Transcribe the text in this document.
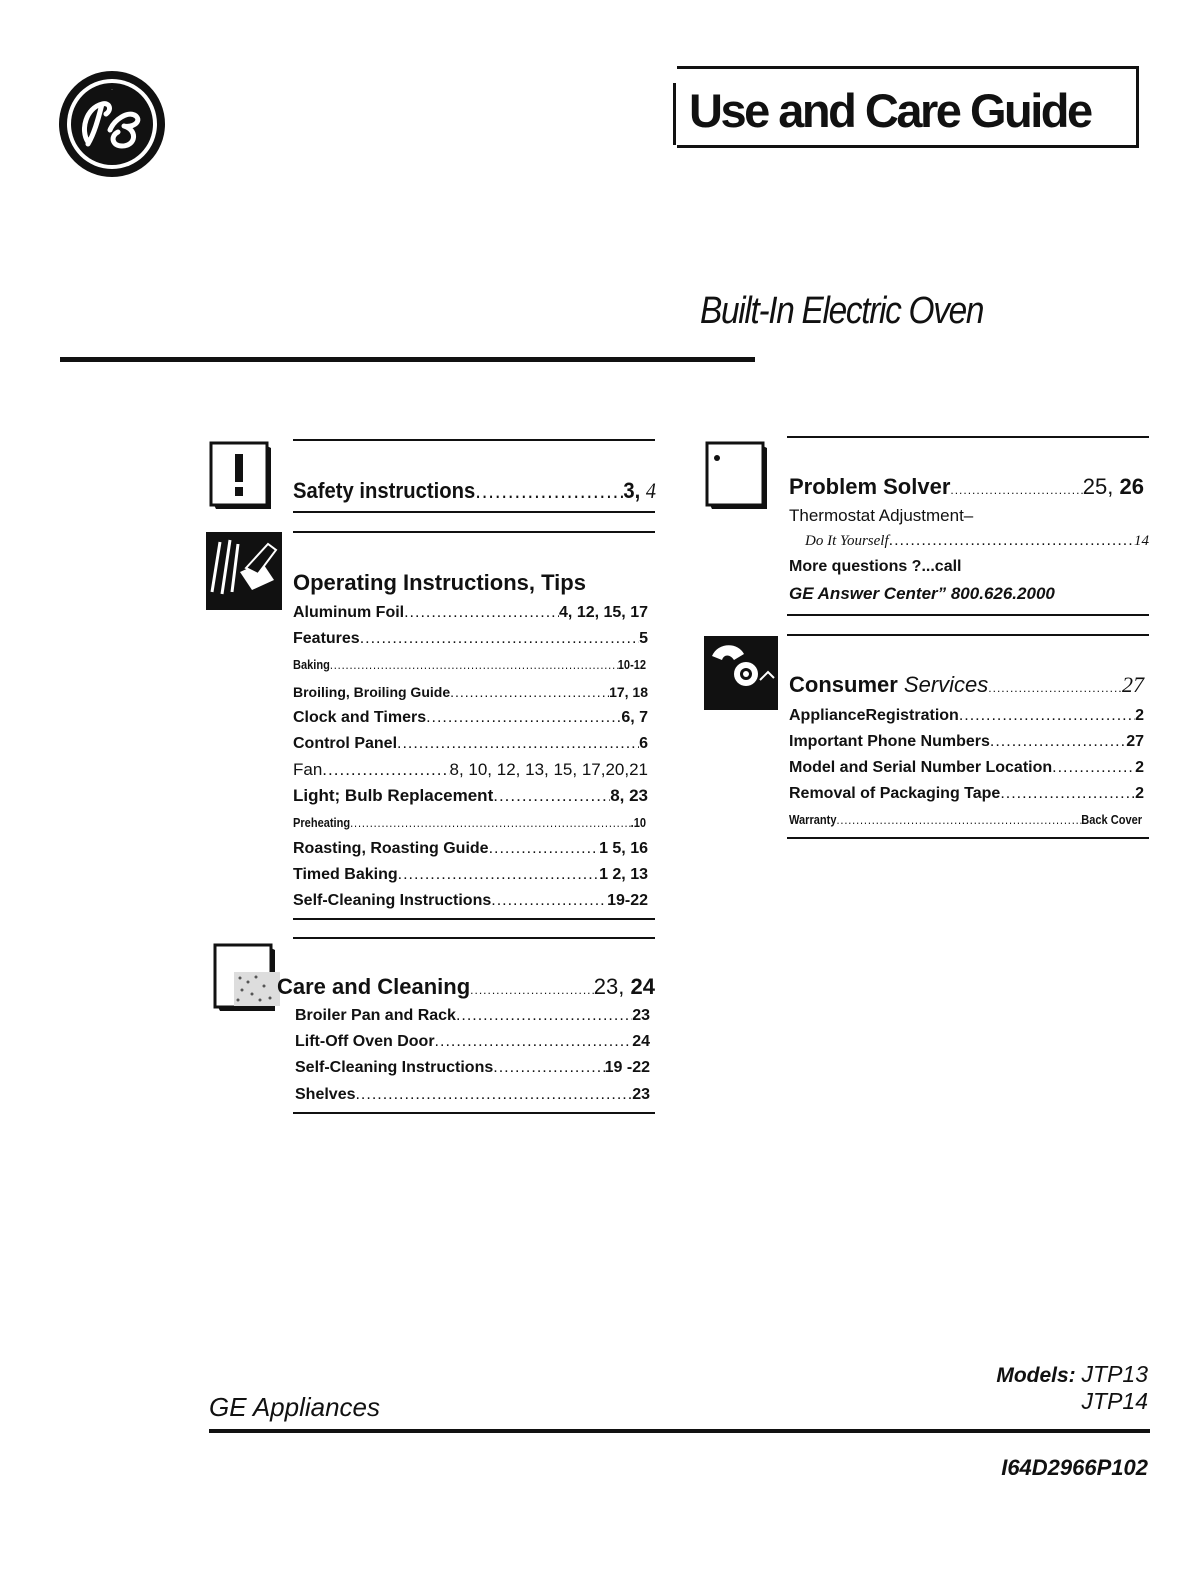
GE	Use and Care Guide
Built-In Electric Oven
Safety instructions .....	3, 4
Operating Instructions, Tips
Aluminum Foil .....	4, 12, 15, 17
Features .....	5
Baking .....	10-12
Broiling, Broiling Guide .....	17, 18
Clock and Timers .....	6, 7
Control Panel .....	6
Fan .....	8, 10, 12, 13, 15, 17,20,21
Light; Bulb Replacement .....	8, 23
Preheating .....	.10
Roasting, Roasting Guide .....	1 5, 16
Timed Baking .....	1 2, 13
Self-Cleaning Instructions .....	19-22
Care and Cleaning .....	23, 24
Broiler Pan and Rack .....	23
Lift-Off Oven Door .....	24
Self-Cleaning Instructions .....	19 -22
Shelves .....	23
Problem Solver .....	25, 26
Thermostat Adjustment–
Do It Yourself .....	14
More questions ?...call
GE Answer Center” 800.626.2000
Consumer Services .....	27
ApplianceRegistration .....	2
Important Phone Numbers .....	27
Model and Serial Number Location .....	2
Removal of Packaging Tape .....	2
Warranty .....	Back Cover
GE Appliances
Models: JTP13
JTP14
I64D2966P102
